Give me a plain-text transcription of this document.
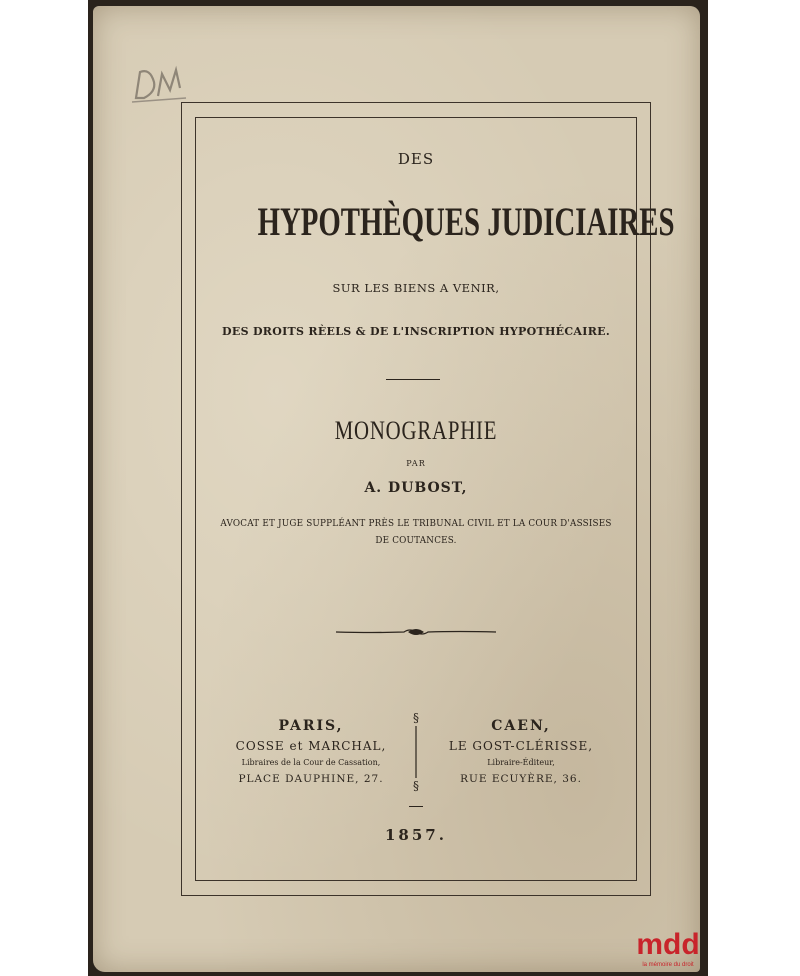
DES
HYPOTHÈQUES JUDICIAIRES
SUR LES BIENS A VENIR,
DES DROITS RÈELS & DE L'INSCRIPTION HYPOTHÉCAIRE.
MONOGRAPHIE
PAR
A. DUBOST,
AVOCAT ET JUGE SUPPLÉANT PRÈS LE TRIBUNAL CIVIL ET LA COUR D'ASSISES
DE COUTANCES.
PARIS,
COSSE et MARCHAL,
Libraires de la Cour de Cassation,
PLACE DAUPHINE, 27.
§
§
CAEN,
LE GOST-CLÉRISSE,
Libraire-Éditeur,
RUE ECUYÈRE, 36.
1857.
mdd
la mémoire du droit
